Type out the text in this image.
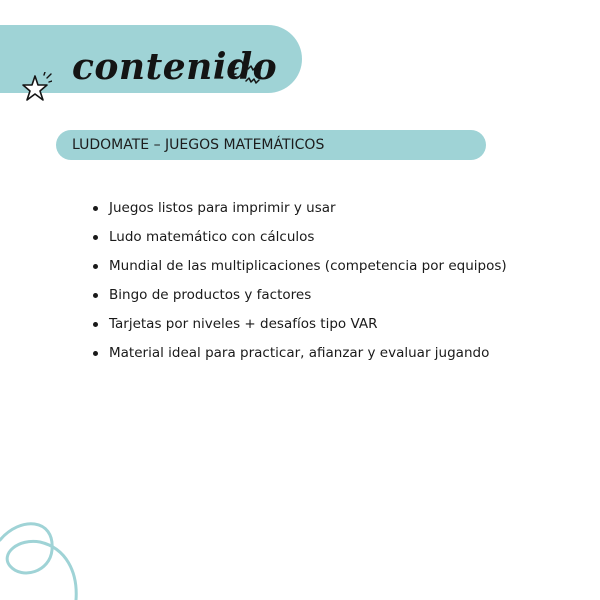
contenido
LUDOMATE – JUEGOS MATEMÁTICOS
Juegos listos para imprimir y usar
Ludo matemático con cálculos
Mundial de las multiplicaciones (competencia por equipos)
Bingo de productos y factores
Tarjetas por niveles + desafíos tipo VAR
Material ideal para practicar, afianzar y evaluar jugando
